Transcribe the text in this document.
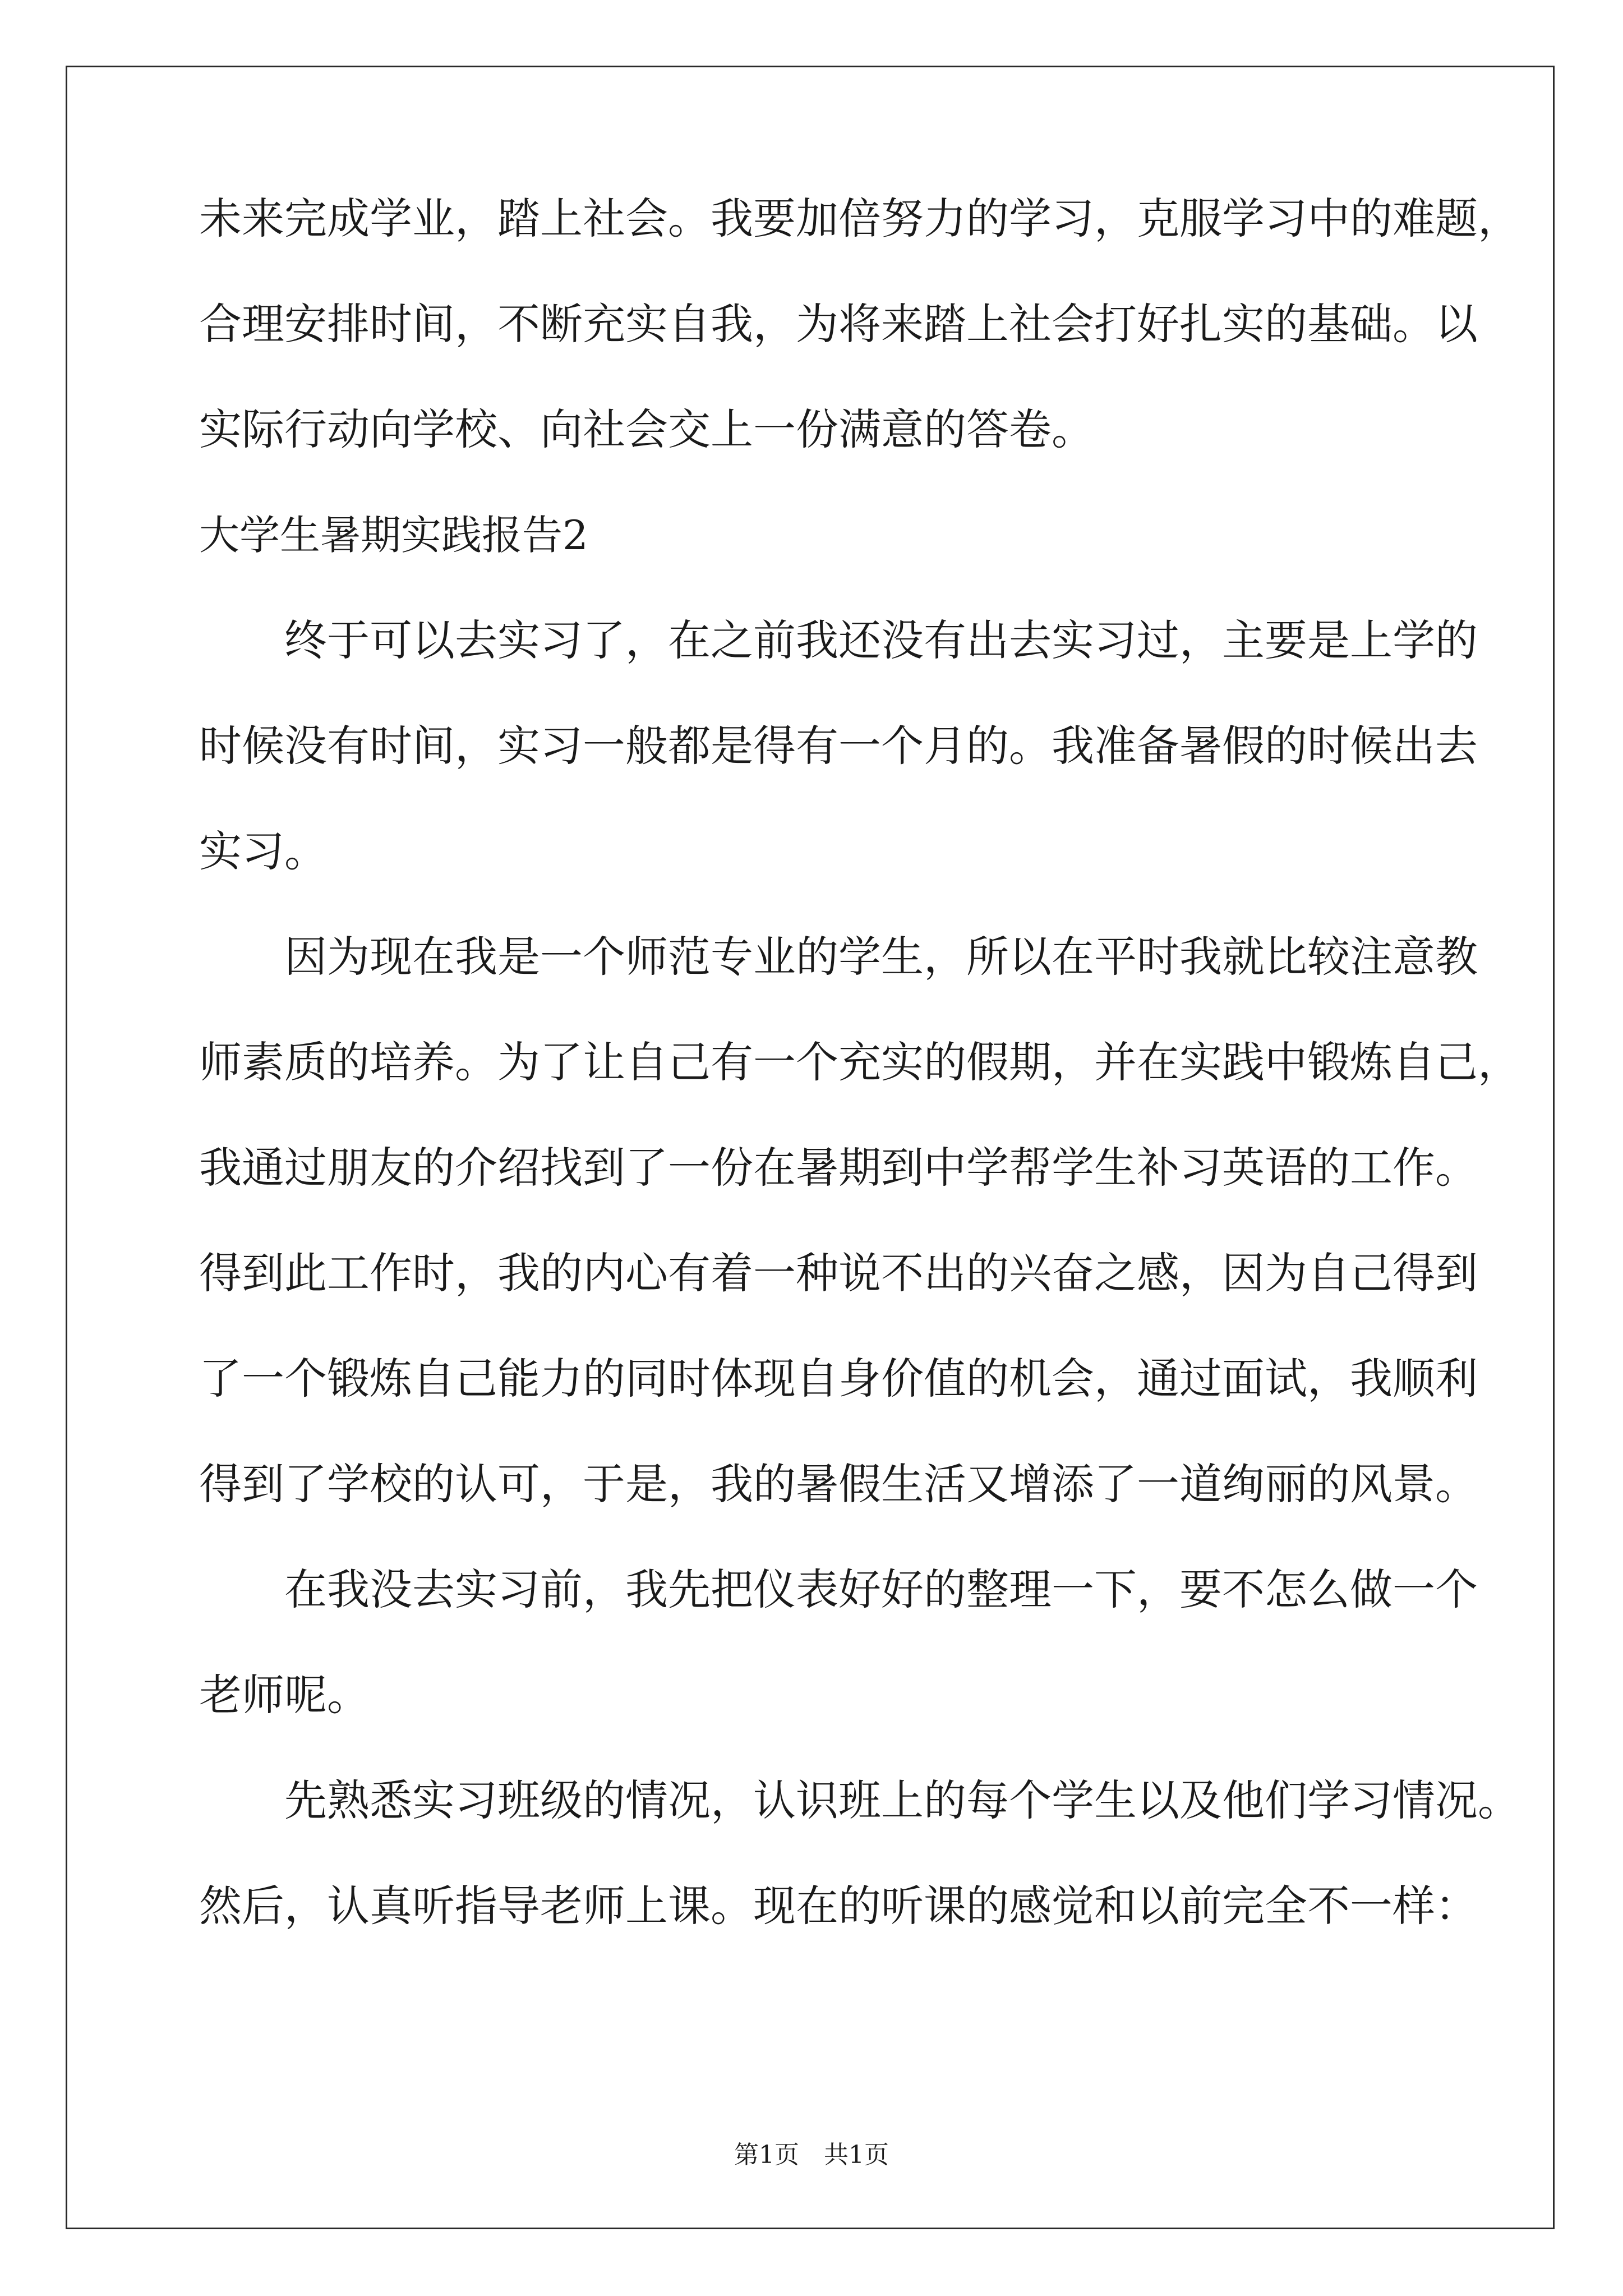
未来完成学业，踏上社会。我要加倍努力的学习，克服学习中的难题，
合理安排时间，不断充实自我，为将来踏上社会打好扎实的基础。以
实际行动向学校、向社会交上一份满意的答卷。
大学生暑期实践报告2
　　终于可以去实习了，在之前我还没有出去实习过，主要是上学的
时候没有时间，实习一般都是得有一个月的。我准备暑假的时候出去
实习。
　　因为现在我是一个师范专业的学生，所以在平时我就比较注意教
师素质的培养。为了让自己有一个充实的假期，并在实践中锻炼自己，
我通过朋友的介绍找到了一份在暑期到中学帮学生补习英语的工作。
得到此工作时，我的内心有着一种说不出的兴奋之感，因为自己得到
了一个锻炼自己能力的同时体现自身价值的机会，通过面试，我顺利
得到了学校的认可，于是，我的暑假生活又增添了一道绚丽的风景。
　　在我没去实习前，我先把仪表好好的整理一下，要不怎么做一个
老师呢。
　　先熟悉实习班级的情况，认识班上的每个学生以及他们学习情况。
然后，认真听指导老师上课。现在的听课的感觉和以前完全不一样：
第1页　共1页
